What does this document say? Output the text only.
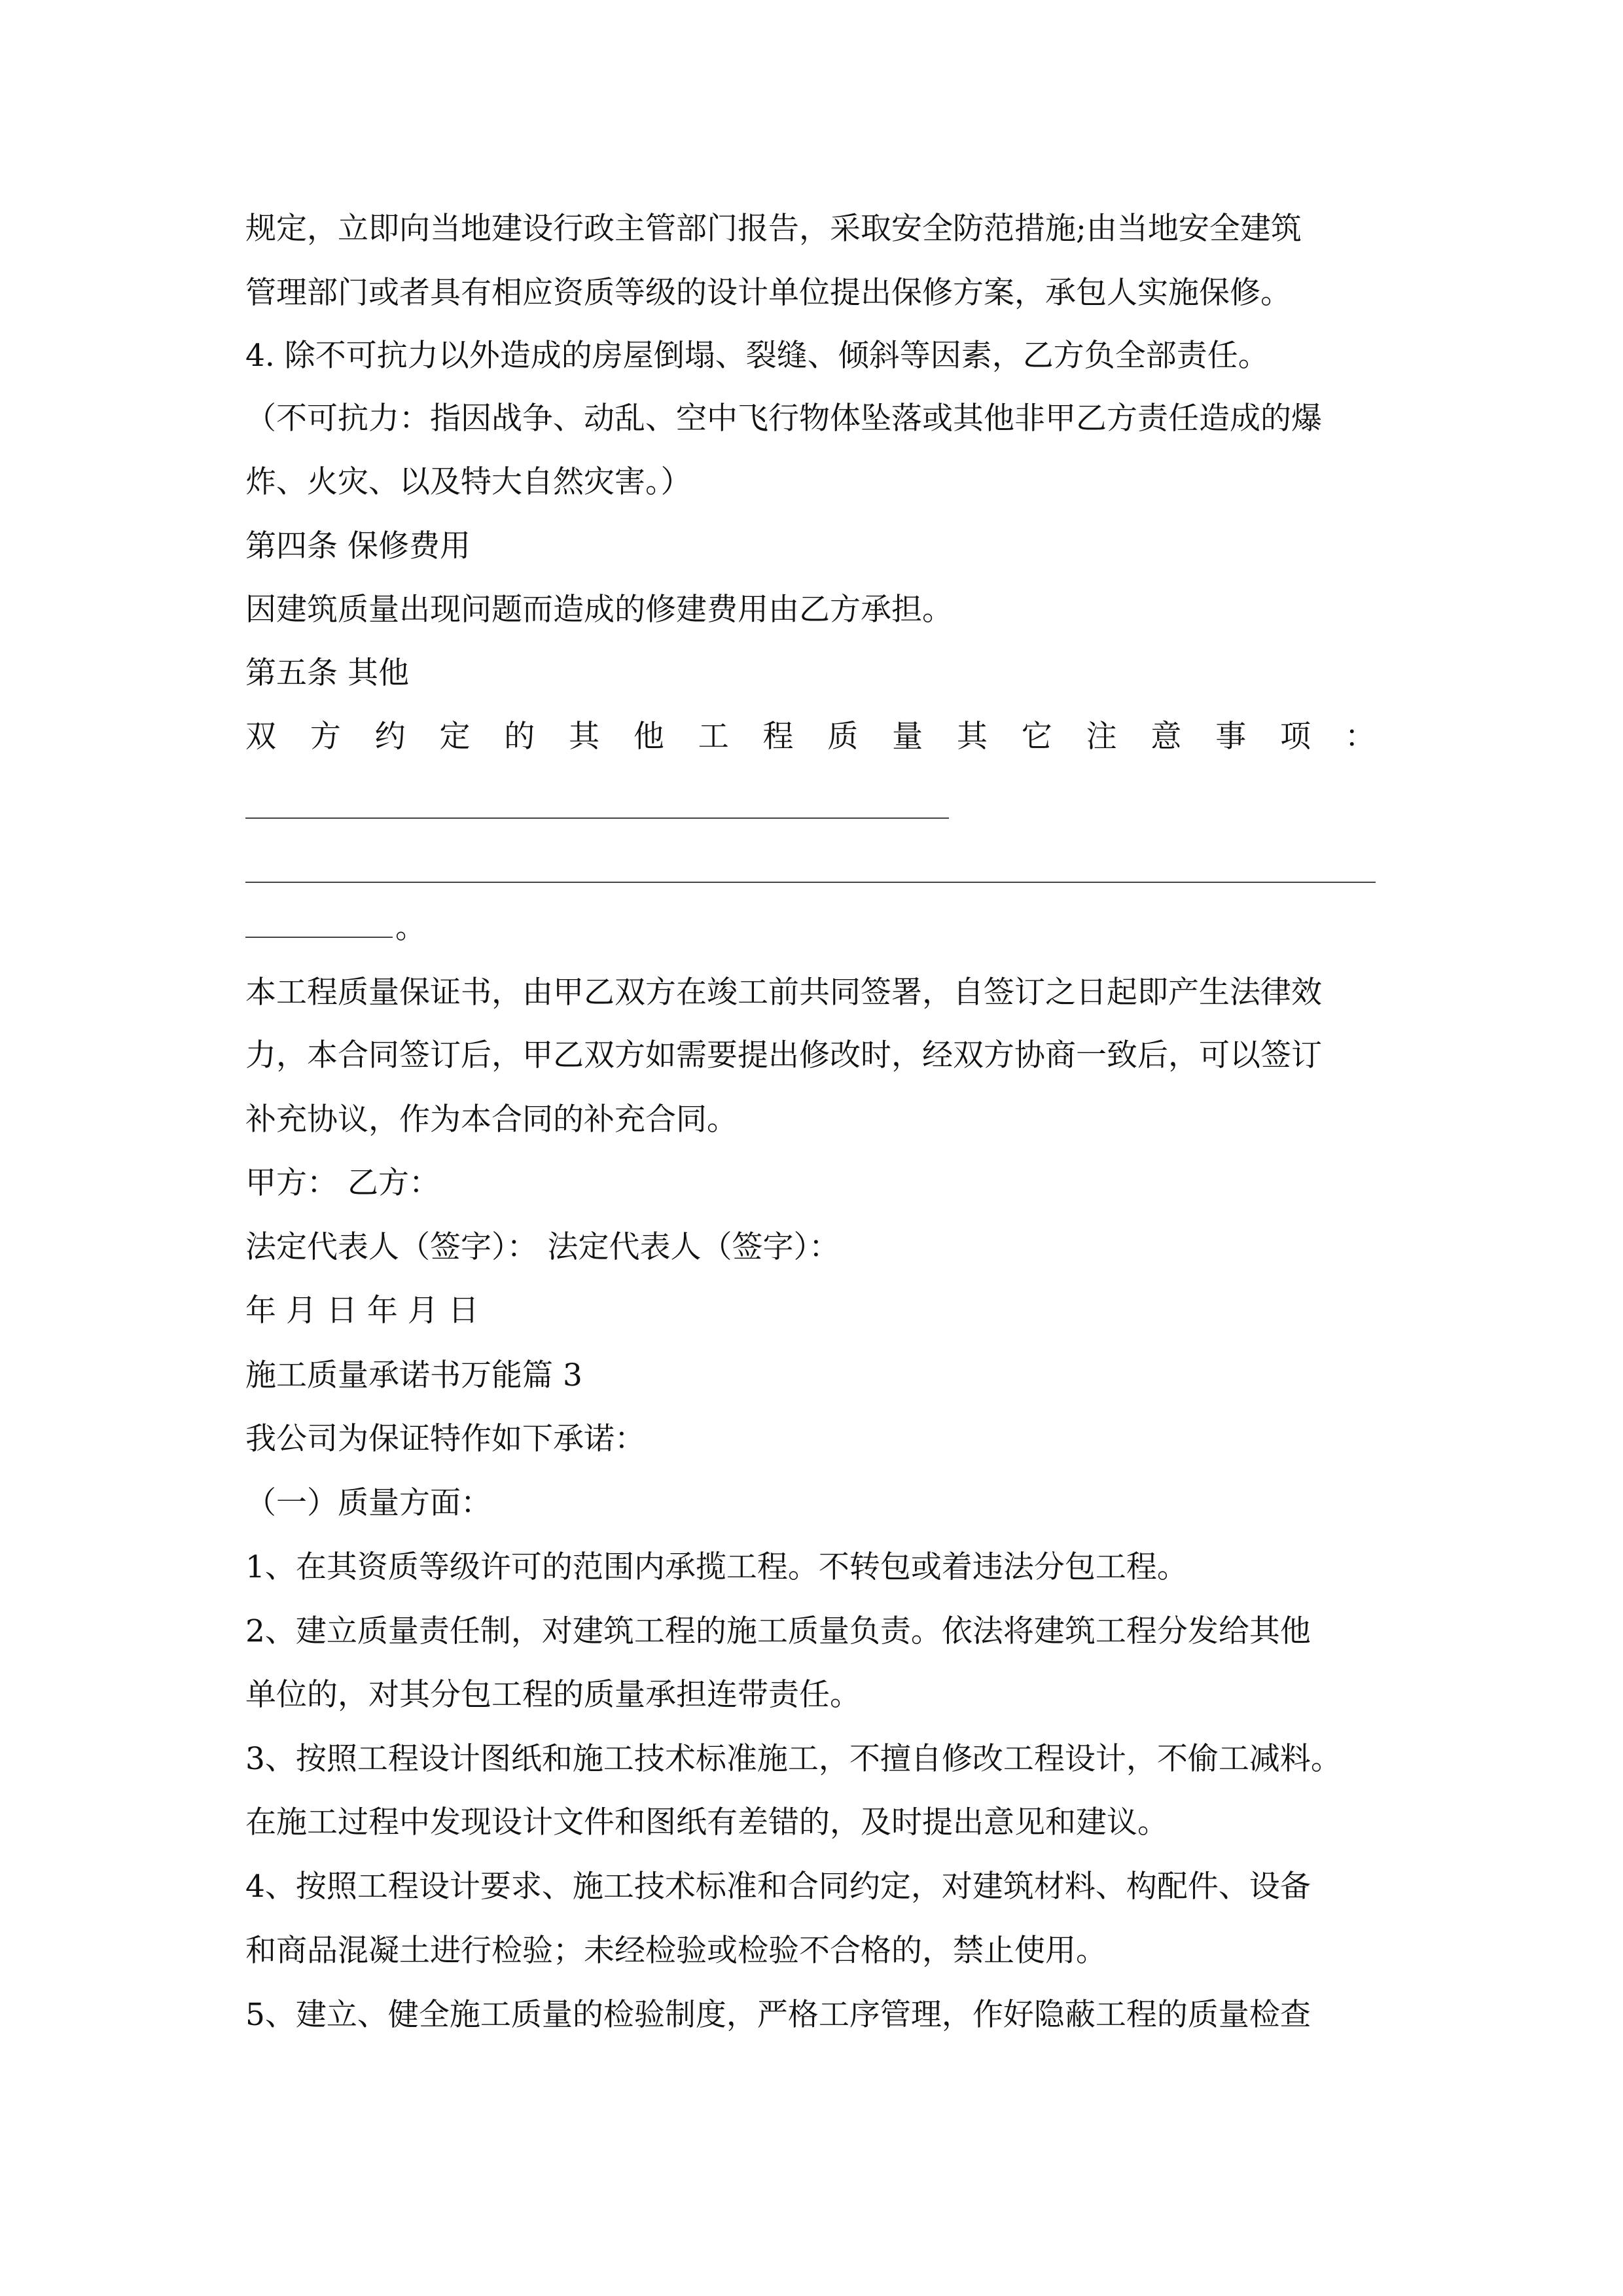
规定，立即向当地建设行政主管部门报告，采取安全防范措施;由当地安全建筑
管理部门或者具有相应资质等级的设计单位提出保修方案，承包人实施保修。
4. 除不可抗力以外造成的房屋倒塌、裂缝、倾斜等因素，乙方负全部责任。
（不可抗力：指因战争、动乱、空中飞行物体坠落或其他非甲乙方责任造成的爆
炸、火灾、以及特大自然灾害。）
第四条 保修费用
因建筑质量出现问题而造成的修建费用由乙方承担。
第五条 其他
双 方 约 定 的 其 他 工 程 质 量 其 它 注 意 事 项 ：
。
本工程质量保证书，由甲乙双方在竣工前共同签署，自签订之日起即产生法律效
力，本合同签订后，甲乙双方如需要提出修改时，经双方协商一致后，可以签订
补充协议，作为本合同的补充合同。
甲方： 乙方：
法定代表人（签字）： 法定代表人（签字）：
年 月 日 年 月 日
施工质量承诺书万能篇 3
我公司为保证特作如下承诺：
（一）质量方面：
1、在其资质等级许可的范围内承揽工程。不转包或着违法分包工程。
2、建立质量责任制，对建筑工程的施工质量负责。依法将建筑工程分发给其他
单位的，对其分包工程的质量承担连带责任。
3、按照工程设计图纸和施工技术标准施工，不擅自修改工程设计，不偷工减料。
在施工过程中发现设计文件和图纸有差错的，及时提出意见和建议。
4、按照工程设计要求、施工技术标准和合同约定，对建筑材料、构配件、设备
和商品混凝土进行检验；未经检验或检验不合格的，禁止使用。
5、建立、健全施工质量的检验制度，严格工序管理，作好隐蔽工程的质量检查
